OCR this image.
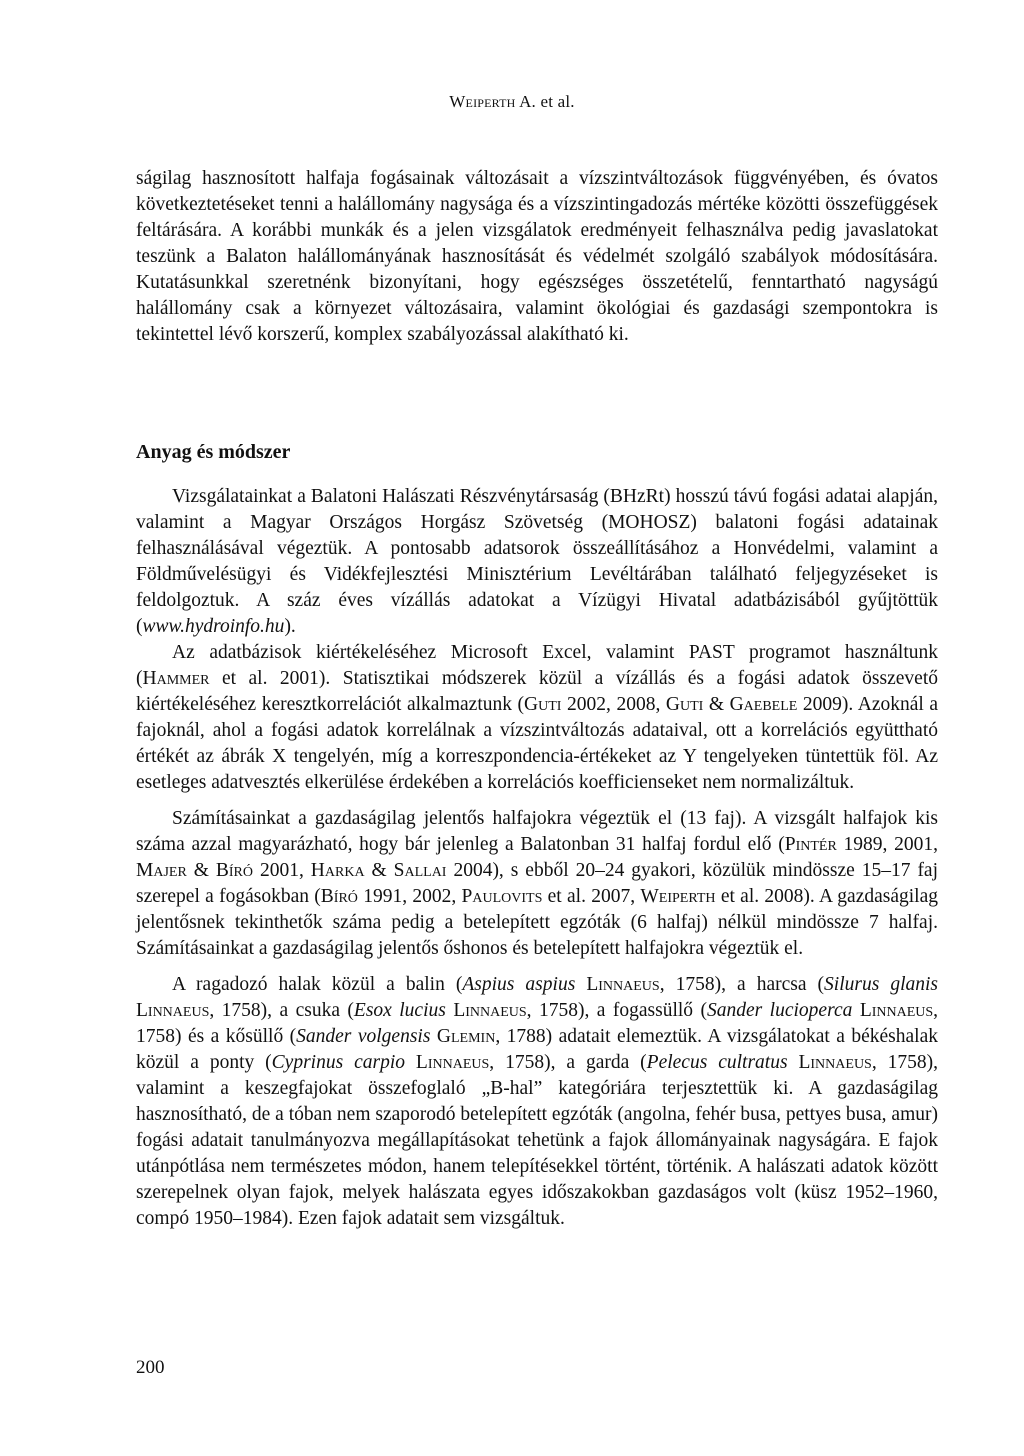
Weiperth A. et al.

ságilag hasznosított halfaja fogásainak változásait a vízszintváltozások függvényében, és óvatos következtetéseket tenni a halállomány nagysága és a vízszintingadozás mértéke közötti összefüggések feltárására. A korábbi munkák és a jelen vizsgálatok eredményeit felhasználva pedig javaslatokat teszünk a Balaton halállományának hasznosítását és védelmét szolgáló szabályok módosítására. Kutatásunkkal szeretnénk bizonyítani, hogy egészséges összetételű, fenntartható nagyságú halállomány csak a környezet változásaira, valamint ökológiai és gazdasági szempontokra is tekintettel lévő korszerű, komplex szabályozással alakítható ki.

Anyag és módszer

Vizsgálatainkat a Balatoni Halászati Részvénytársaság (BHzRt) hosszú távú fogási adatai alapján, valamint a Magyar Országos Horgász Szövetség (MOHOSZ) balatoni fogási adatainak felhasználásával végeztük. A pontosabb adatsorok összeállításához a Honvédelmi, valamint a Földművelésügyi és Vidékfejlesztési Minisztérium Levéltárában található feljegyzéseket is feldolgoztuk. A száz éves vízállás adatokat a Vízügyi Hivatal adatbázisából gyűjtöttük (www.hydroinfo.hu).

Az adatbázisok kiértékeléséhez Microsoft Excel, valamint PAST programot használtunk (Hammer et al. 2001). Statisztikai módszerek közül a vízállás és a fogási adatok összevető kiértékeléséhez keresztkorrelációt alkalmaztunk (Guti 2002, 2008, Guti & Gaebele 2009). Azoknál a fajoknál, ahol a fogási adatok korrelálnak a vízszintváltozás adataival, ott a korrelációs együttható értékét az ábrák X tengelyén, míg a korreszpondencia-értékeket az Y tengelyeken tüntettük föl. Az esetleges adatvesztés elkerülése érdekében a korrelációs koefficienseket nem normalizáltuk.

Számításainkat a gazdaságilag jelentős halfajokra végeztük el (13 faj). A vizsgált halfajok kis száma azzal magyarázható, hogy bár jelenleg a Balatonban 31 halfaj fordul elő (Pintér 1989, 2001, Majer & Bíró 2001, Harka & Sallai 2004), s ebből 20–24 gyakori, közülük mindössze 15–17 faj szerepel a fogásokban (Bíró 1991, 2002, Paulovits et al. 2007, Weiperth et al. 2008). A gazdaságilag jelentősnek tekinthetők száma pedig a betelepített egzóták (6 halfaj) nélkül mindössze 7 halfaj. Számításainkat a gazdaságilag jelentős őshonos és betelepített halfajokra végeztük el.

A ragadozó halak közül a balin (Aspius aspius Linnaeus, 1758), a harcsa (Silurus glanis Linnaeus, 1758), a csuka (Esox lucius Linnaeus, 1758), a fogassüllő (Sander lucioperca Linnaeus, 1758) és a kősüllő (Sander volgensis Glemin, 1788) adatait elemeztük. A vizsgálatokat a békéshalak közül a ponty (Cyprinus carpio Linnaeus, 1758), a garda (Pelecus cultratus Linnaeus, 1758), valamint a keszegfajokat összefoglaló „B-hal” kategóriára terjesztettük ki. A gazdaságilag hasznosítható, de a tóban nem szaporodó betelepített egzóták (angolna, fehér busa, pettyes busa, amur) fogási adatait tanulmányozva megállapításokat tehetünk a fajok állományainak nagyságára. E fajok utánpótlása nem természetes módon, hanem telepítésekkel történt, történik. A halászati adatok között szerepelnek olyan fajok, melyek halászata egyes időszakokban gazdaságos volt (küsz 1952–1960, compó 1950–1984). Ezen fajok adatait sem vizsgáltuk.

200
